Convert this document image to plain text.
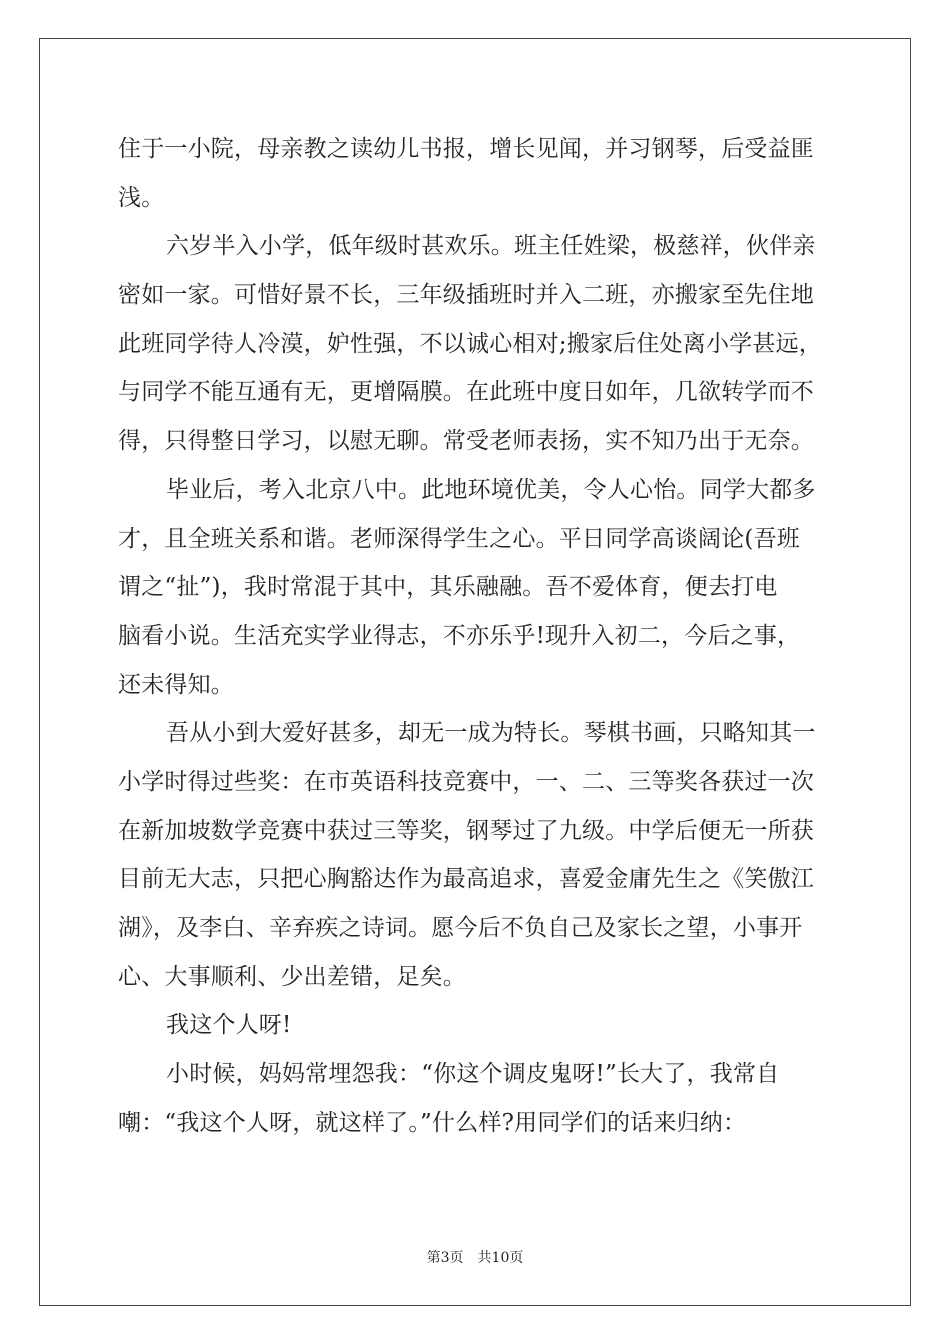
住于一小院，母亲教之读幼儿书报，增长见闻，并习钢琴，后受益匪
浅。
六岁半入小学，低年级时甚欢乐。班主任姓梁，极慈祥，伙伴亲
密如一家。可惜好景不长，三年级插班时并入二班，亦搬家至先住地
此班同学待人冷漠，妒性强，不以诚心相对;搬家后住处离小学甚远，
与同学不能互通有无，更增隔膜。在此班中度日如年，几欲转学而不
得，只得整日学习，以慰无聊。常受老师表扬，实不知乃出于无奈。
毕业后，考入北京八中。此地环境优美，令人心怡。同学大都多
才，且全班关系和谐。老师深得学生之心。平日同学高谈阔论(吾班
谓之“扯”)，我时常混于其中，其乐融融。吾不爱体育，便去打电
脑看小说。生活充实学业得志，不亦乐乎!现升入初二，今后之事，
还未得知。
吾从小到大爱好甚多，却无一成为特长。琴棋书画，只略知其一
小学时得过些奖：在市英语科技竞赛中，一、二、三等奖各获过一次
在新加坡数学竞赛中获过三等奖，钢琴过了九级。中学后便无一所获
目前无大志，只把心胸豁达作为最高追求，喜爱金庸先生之《笑傲江
湖》，及李白、辛弃疾之诗词。愿今后不负自己及家长之望，小事开
心、大事顺利、少出差错，足矣。
我这个人呀!
小时候，妈妈常埋怨我：“你这个调皮鬼呀!”长大了，我常自
嘲：“我这个人呀，就这样了。”什么样?用同学们的话来归纳：
第3页 共10页
